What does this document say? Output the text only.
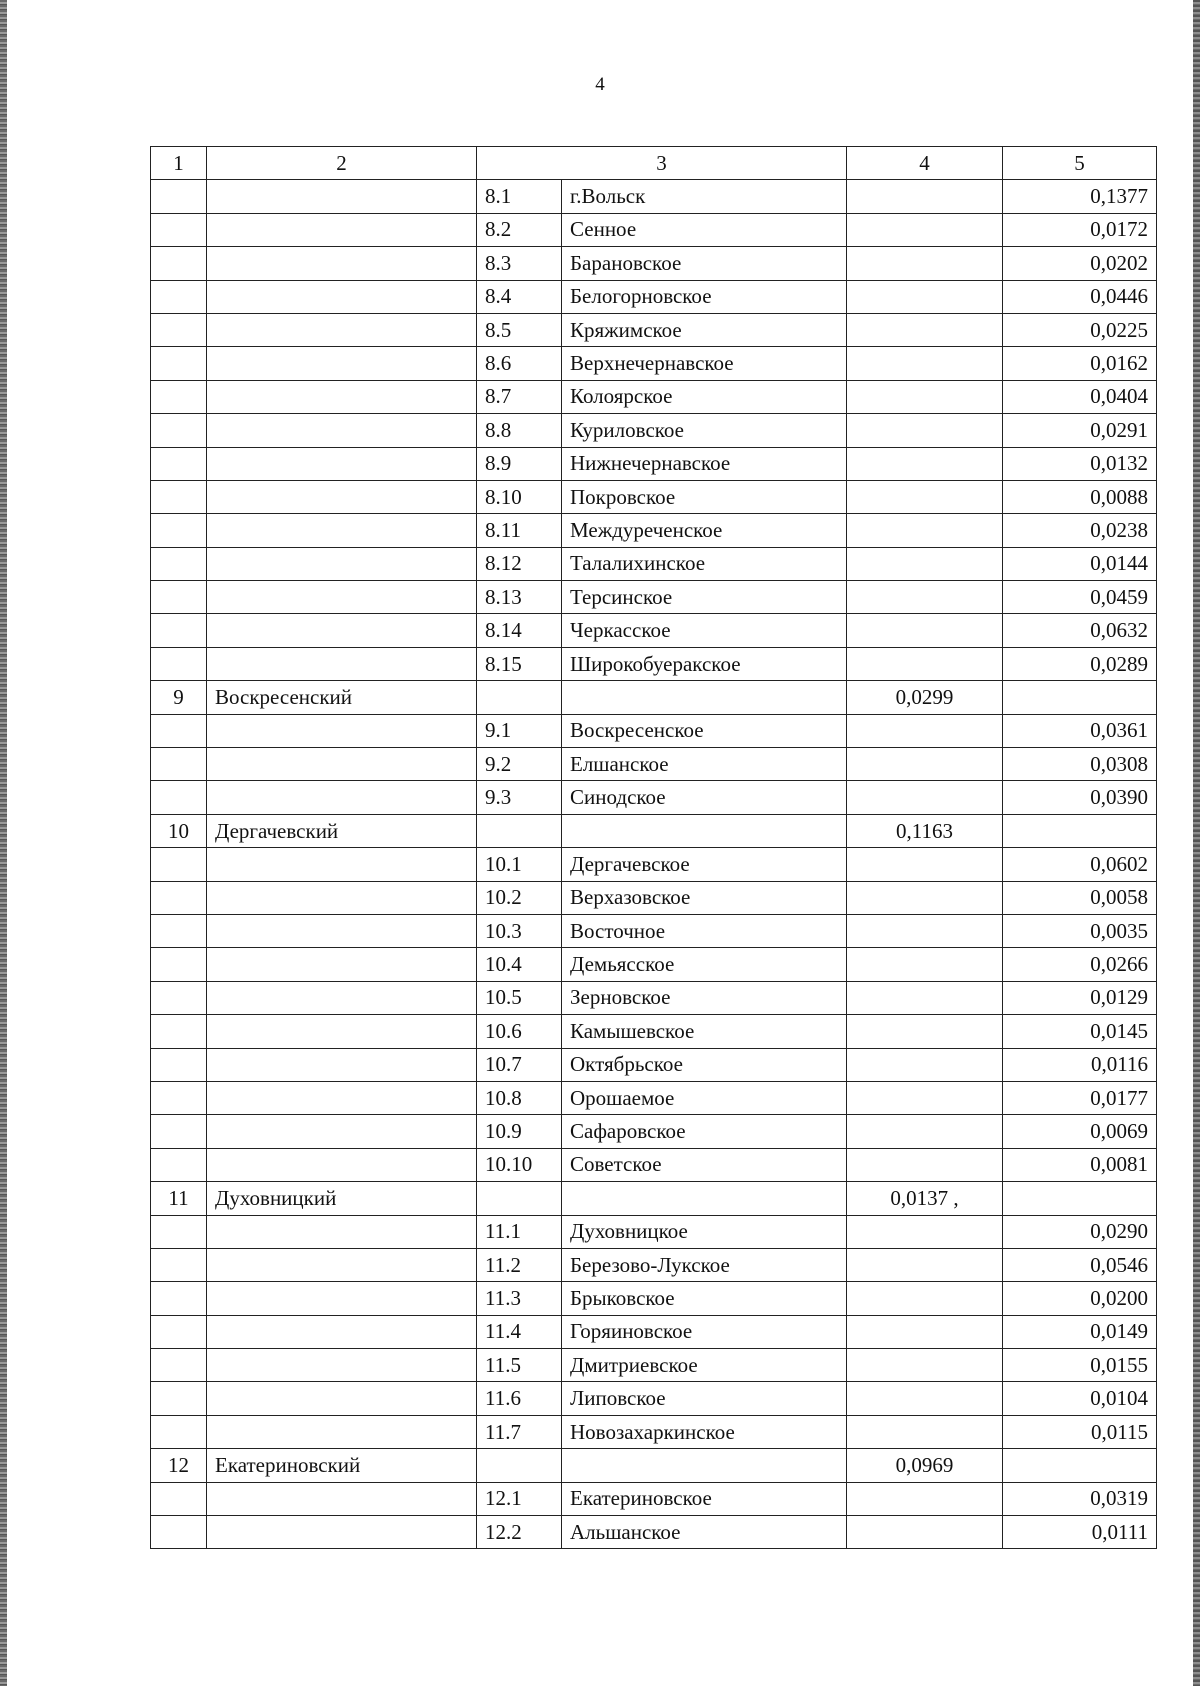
4
1	2	3		4	5
		8.1	г.Вольск		0,1377
		8.2	Сенное		0,0172
		8.3	Барановское		0,0202
		8.4	Белогорновское		0,0446
		8.5	Кряжимское		0,0225
		8.6	Верхнечернавское		0,0162
		8.7	Колоярское		0,0404
		8.8	Куриловское		0,0291
		8.9	Нижнечернавское		0,0132
		8.10	Покровское		0,0088
		8.11	Междуреченское		0,0238
		8.12	Талалихинское		0,0144
		8.13	Терсинское		0,0459
		8.14	Черкасское		0,0632
		8.15	Широкобуеракское		0,0289
9	Воскресенский			0,0299	
		9.1	Воскресенское		0,0361
		9.2	Елшанское		0,0308
		9.3	Синодское		0,0390
10	Дергачевский			0,1163	
		10.1	Дергачевское		0,0602
		10.2	Верхазовское		0,0058
		10.3	Восточное		0,0035
		10.4	Демьясское		0,0266
		10.5	Зерновское		0,0129
		10.6	Камышевское		0,0145
		10.7	Октябрьское		0,0116
		10.8	Орошаемое		0,0177
		10.9	Сафаровское		0,0069
		10.10	Советское		0,0081
11	Духовницкий			0,0137 ,	
		11.1	Духовницкое		0,0290
		11.2	Березово-Лукское		0,0546
		11.3	Брыковское		0,0200
		11.4	Горяиновское		0,0149
		11.5	Дмитриевское		0,0155
		11.6	Липовское		0,0104
		11.7	Новозахаркинское		0,0115
12	Екатериновский			0,0969	
		12.1	Екатериновское		0,0319
		12.2	Альшанское		0,0111
